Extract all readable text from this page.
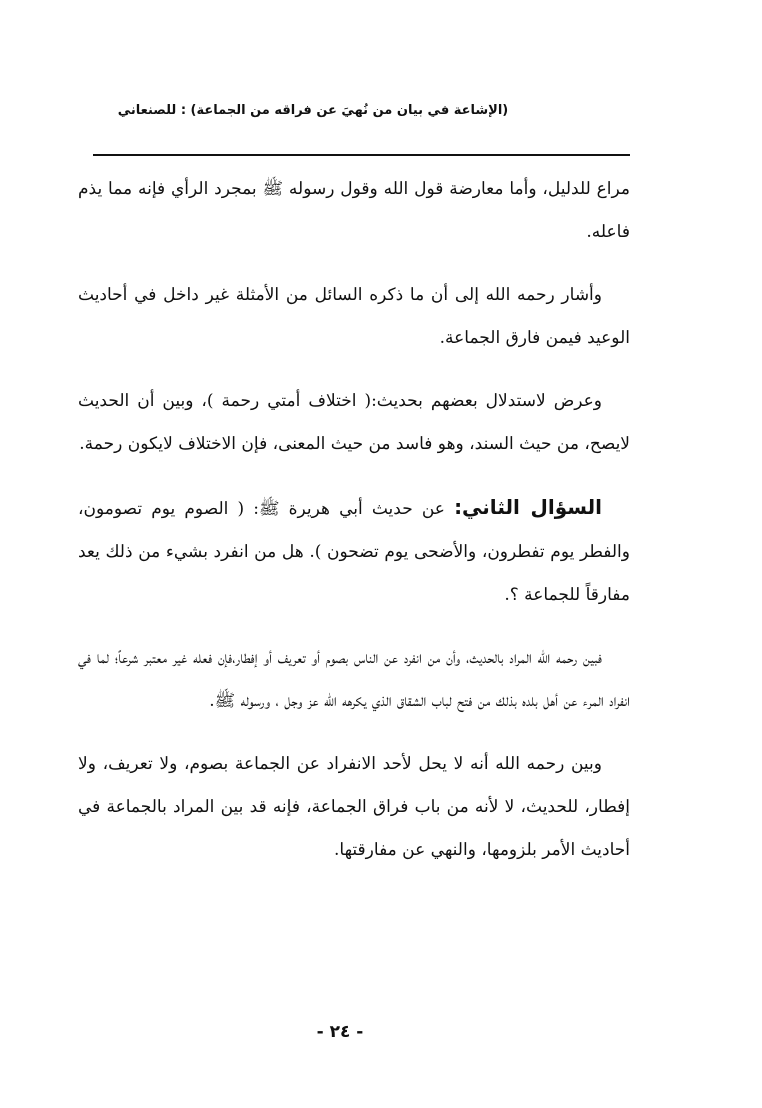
(الإشاعة في بيان من نُهيَ عن فراقه من الجماعة) : للصنعاني

مراع للدليل، وأما معارضة قول الله وقول رسوله ﷺ بمجرد الرأي فإنه مما يذم فاعله.

وأشار رحمه الله إلى أن ما ذكره السائل من الأمثلة غير داخل في أحاديث الوعيد فيمن فارق الجماعة.

وعرض لاستدلال بعضهم بحديث:( اختلاف أمتي رحمة )، وبين أن الحديث لايصح، من حيث السند، وهو فاسد من حيث المعنى، فإن الاختلاف لايكون رحمة.

السؤال الثاني: عن حديث أبي هريرة ﷺ: ( الصوم يوم تصومون، والفطر يوم تفطرون، والأضحى يوم تضحون ). هل من انفرد بشيء من ذلك يعد مفارقاً للجماعة ؟.

فبين رحمه الله المراد بالحديث، وأن من انفرد عن الناس بصوم أو تعريف أو إفطار،فإن فعله غير معتبر شرعاً؛ لما في انفراد المرء عن أهل بلده بذلك من فتح لباب الشقاق الذي يكرهه الله عز وجل ، ورسوله ﷺ.

وبين رحمه الله أنه لا يحل لأحد الانفراد عن الجماعة بصوم، ولا تعريف، ولا إفطار، للحديث، لا لأنه من باب فراق الجماعة، فإنه قد بين المراد بالجماعة في أحاديث الأمر بلزومها، والنهي عن مفارقتها.

- ٢٤ -
